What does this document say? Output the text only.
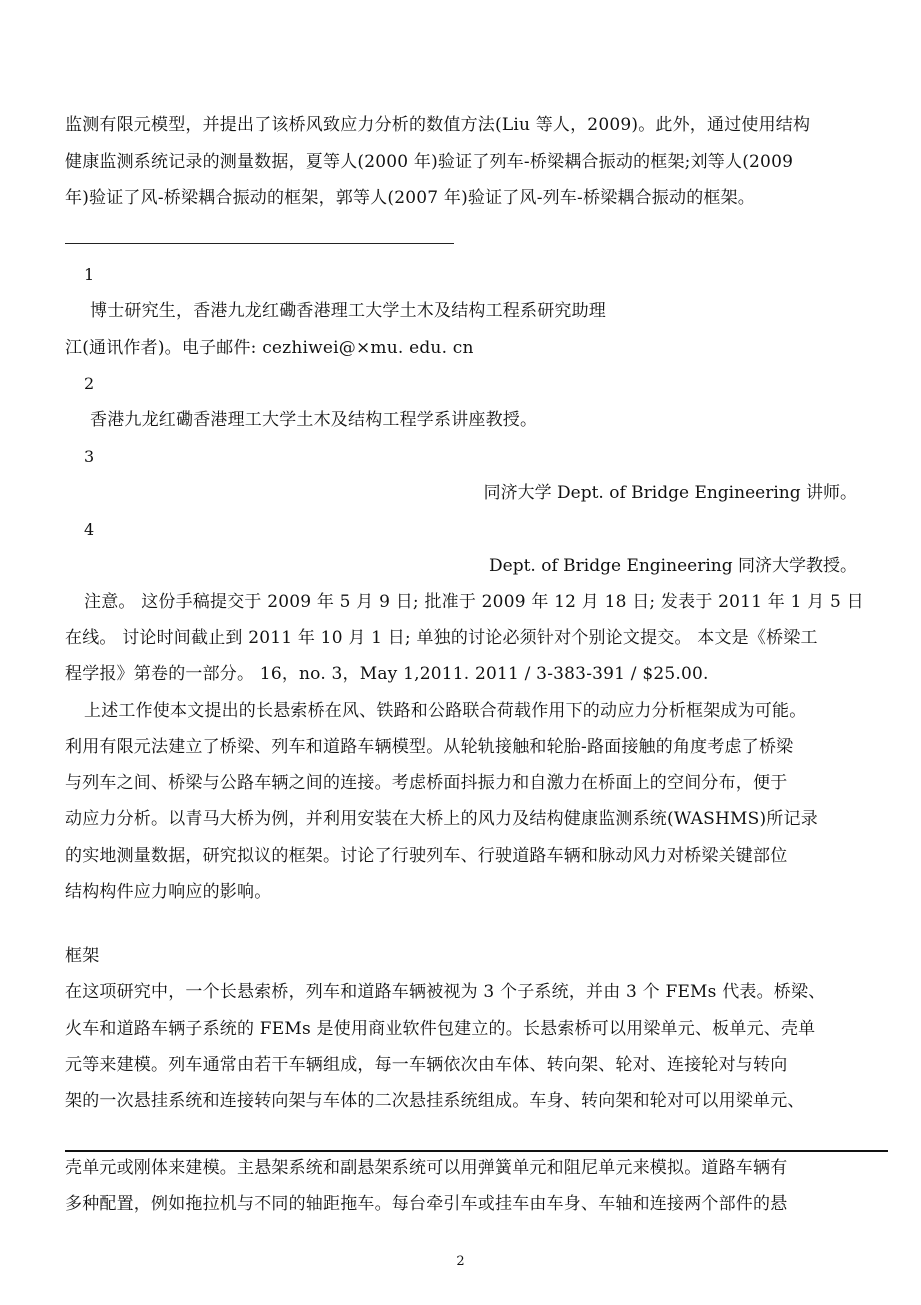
监测有限元模型，并提出了该桥风致应力分析的数值方法(Liu 等人，2009)。此外，通过使用结构
健康监测系统记录的测量数据，夏等人(2000 年)验证了列车-桥梁耦合振动的框架;刘等人(2009
年)验证了风-桥梁耦合振动的框架，郭等人(2007 年)验证了风-列车-桥梁耦合振动的框架。
1
博士研究生，香港九龙红磡香港理工大学土木及结构工程系研究助理
江(通讯作者)。电子邮件: cezhiwei@×mu. edu. cn
2
香港九龙红磡香港理工大学土木及结构工程学系讲座教授。
3
同济大学 Dept. of Bridge Engineering 讲师。
4
Dept. of Bridge Engineering 同济大学教授。
注意。 这份手稿提交于 2009 年 5 月 9 日; 批准于 2009 年 12 月 18 日; 发表于 2011 年 1 月 5 日
在线。 讨论时间截止到 2011 年 10 月 1 日; 单独的讨论必须针对个别论文提交。 本文是《桥梁工
程学报》第卷的一部分。 16，no. 3，May 1,2011. 2011 / 3-383-391 / $25.00.
上述工作使本文提出的长悬索桥在风、铁路和公路联合荷载作用下的动应力分析框架成为可能。
利用有限元法建立了桥梁、列车和道路车辆模型。从轮轨接触和轮胎-路面接触的角度考虑了桥梁
与列车之间、桥梁与公路车辆之间的连接。考虑桥面抖振力和自激力在桥面上的空间分布，便于
动应力分析。以青马大桥为例，并利用安装在大桥上的风力及结构健康监测系统(WASHMS)所记录
的实地测量数据，研究拟议的框架。讨论了行驶列车、行驶道路车辆和脉动风力对桥梁关键部位
结构构件应力响应的影响。
框架
在这项研究中，一个长悬索桥，列车和道路车辆被视为 3 个子系统，并由 3 个 FEMs 代表。桥梁、
火车和道路车辆子系统的 FEMs 是使用商业软件包建立的。长悬索桥可以用梁单元、板单元、壳单
元等来建模。列车通常由若干车辆组成，每一车辆依次由车体、转向架、轮对、连接轮对与转向
架的一次悬挂系统和连接转向架与车体的二次悬挂系统组成。车身、转向架和轮对可以用梁单元、
壳单元或刚体来建模。主悬架系统和副悬架系统可以用弹簧单元和阻尼单元来模拟。道路车辆有
多种配置，例如拖拉机与不同的轴距拖车。每台牵引车或挂车由车身、车轴和连接两个部件的悬
2
